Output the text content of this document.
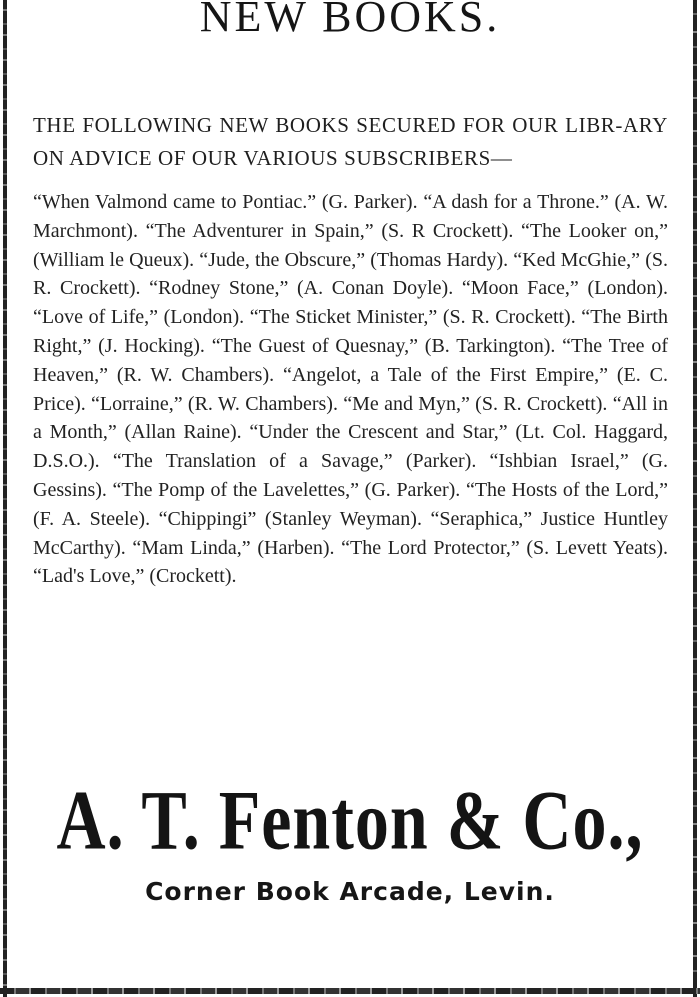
NEW BOOKS.

THE FOLLOWING NEW BOOKS SECURED FOR OUR LIBR-ARY ON ADVICE OF OUR VARIOUS SUBSCRIBERS—

“When Valmond came to Pontiac.” (G. Parker). “A dash for a Throne.” (A. W. Marchmont). “The Adventurer in Spain,” (S. R Crockett). “The Looker on,” (William le Queux). “Jude, the Obscure,” (Thomas Hardy). “Ked McGhie,” (S. R. Crockett). “Rodney Stone,” (A. Conan Doyle). “Moon Face,” (London). “Love of Life,” (London). “The Sticket Minister,” (S. R. Crockett). “The Birth Right,” (J. Hocking). “The Guest of Quesnay,” (B. Tarkington). “The Tree of Heaven,” (R. W. Chambers). “Angelot, a Tale of the First Empire,” (E. C. Price). “Lorraine,” (R. W. Chambers). “Me and Myn,” (S. R. Crockett). “All in a Month,” (Allan Raine). “Under the Crescent and Star,” (Lt. Col. Haggard, D.S.O.). “The Translation of a Savage,” (Parker). “Ishbian Israel,” (G. Gessins). “The Pomp of the Lavelettes,” (G. Parker). “The Hosts of the Lord,” (F. A. Steele). “Chippingi” (Stanley Weyman). “Seraphica,” Justice Huntley McCarthy). “Mam Linda,” (Harben). “The Lord Protector,” (S. Levett Yeats). “Lad's Love,” (Crockett).

A. T. Fenton & Co.,
Corner Book Arcade, Levin.
